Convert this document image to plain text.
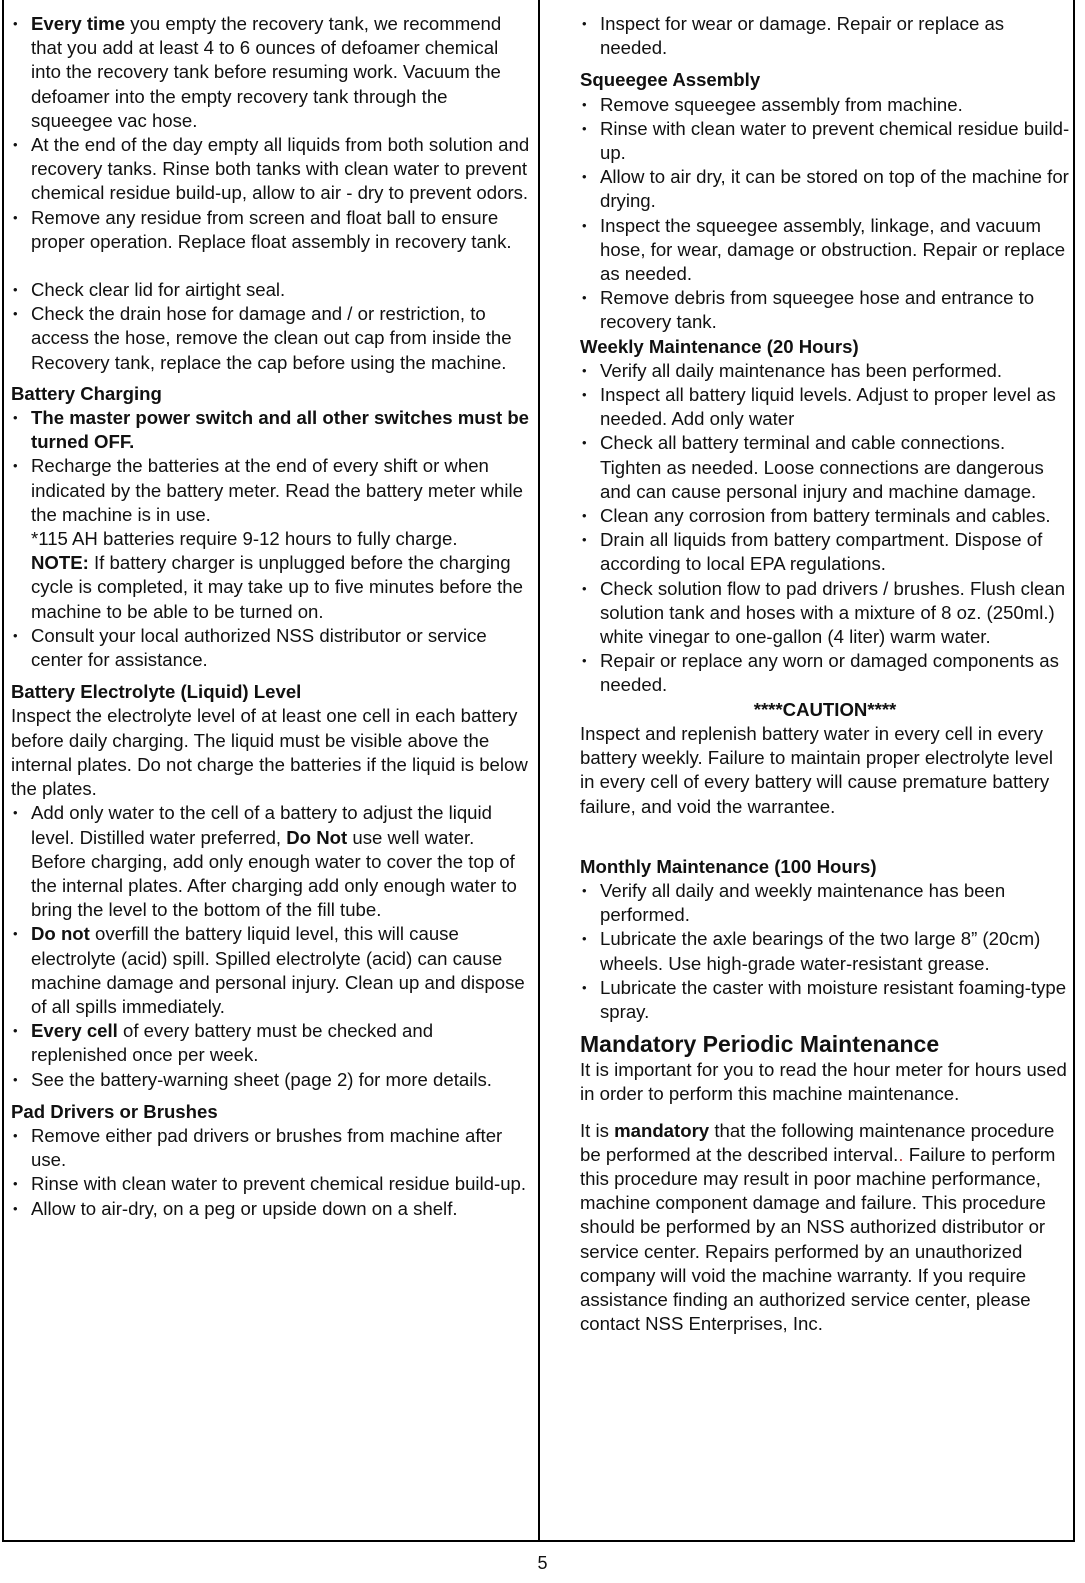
• Every time you empty the recovery tank, we recommend that you add at least 4 to 6 ounces of defoamer chemical into the recovery tank before resuming work. Vacuum the defoamer into the empty recovery tank through the squeegee vac hose.
• At the end of the day empty all liquids from both solution and recovery tanks. Rinse both tanks with clean water to prevent chemical residue build-up, allow to air - dry to prevent odors.
• Remove any residue from screen and float ball to ensure proper operation. Replace float assembly in recovery tank.
• Check clear lid for airtight seal.
• Check the drain hose for damage and / or restriction, to access the hose, remove the clean out cap from inside the Recovery tank, replace the cap before using the machine.
Battery Charging
• The master power switch and all other switches must be turned OFF.
• Recharge the batteries at the end of every shift or when indicated by the battery meter. Read the battery meter while the machine is in use.
*115 AH batteries require 9-12 hours to fully charge.
NOTE: If battery charger is unplugged before the charging cycle is completed, it may take up to five minutes before the machine to be able to be turned on.
• Consult your local authorized NSS distributor or service center for assistance.
Battery Electrolyte (Liquid) Level

Inspect the electrolyte level of at least one cell in each battery before daily charging. The liquid must be visible above the internal plates. Do not charge the batteries if the liquid is below the plates.

• Add only water to the cell of a battery to adjust the liquid level. Distilled water preferred, Do Not use well water. Before charging, add only enough water to cover the top of the internal plates. After charging add only enough water to bring the level to the bottom of the fill tube.
• Do not overfill the battery liquid level, this will cause electrolyte (acid) spill. Spilled electrolyte (acid) can cause machine damage and personal injury. Clean up and dispose of all spills immediately.
• Every cell of every battery must be checked and replenished once per week.
• See the battery-warning sheet (page 2) for more details.
Pad Drivers or Brushes
• Remove either pad drivers or brushes from machine after use.
• Rinse with clean water to prevent chemical residue build-up.
• Allow to air-dry, on a peg or upside down on a shelf.
• Inspect for wear or damage. Repair or replace as needed.
Squeegee Assembly
• Remove squeegee assembly from machine.
• Rinse with clean water to prevent chemical residue build-up.
• Allow to air dry, it can be stored on top of the machine for drying.
• Inspect the squeegee assembly, linkage, and vacuum hose, for wear, damage or obstruction. Repair or replace as needed.
• Remove debris from squeegee hose and entrance to recovery tank.
Weekly Maintenance (20 Hours)
• Verify all daily maintenance has been performed.
• Inspect all battery liquid levels. Adjust to proper level as needed. Add only water
• Check all battery terminal and cable connections. Tighten as needed. Loose connections are dangerous and can cause personal injury and machine damage.
• Clean any corrosion from battery terminals and cables.
• Drain all liquids from battery compartment. Dispose of according to local EPA regulations.
• Check solution flow to pad drivers / brushes. Flush clean solution tank and hoses with a mixture of 8 oz. (250ml.) white vinegar to one-gallon (4 liter) warm water.
• Repair or replace any worn or damaged components as needed.

****CAUTION****

Inspect and replenish battery water in every cell in every battery weekly. Failure to maintain proper electrolyte level in every cell of every battery will cause premature battery failure, and void the warrantee.

Monthly Maintenance (100 Hours)
• Verify all daily and weekly maintenance has been performed.
• Lubricate the axle bearings of the two large 8” (20cm) wheels. Use high-grade water-resistant grease.
• Lubricate the caster with moisture resistant foaming-type spray.
Mandatory Periodic Maintenance

It is important for you to read the hour meter for hours used in order to perform this machine maintenance.

It is mandatory that the following maintenance procedure be performed at the described interval.. Failure to perform this procedure may result in poor machine performance, machine component damage and failure. This procedure should be performed by an NSS authorized distributor or service center. Repairs performed by an unauthorized company will void the machine warranty. If you require assistance finding an authorized service center, please contact NSS Enterprises, Inc.

5
